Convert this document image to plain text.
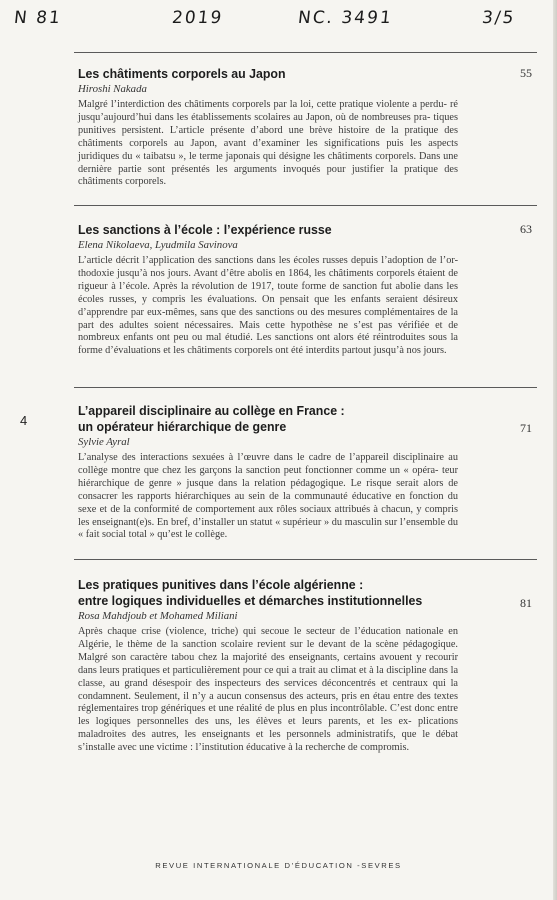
N 81	2019	NC. 3491	3/5
Les châtiments corporels au Japon
Hiroshi Nakada

Malgré l’interdiction des châtiments corporels par la loi, cette pratique violente a perdu- ré jusqu’aujourd’hui dans les établissements scolaires au Japon, où de nombreuses pra- tiques punitives persistent. L’article présente d’abord une brève histoire de la pratique des châtiments corporels au Japon, avant d’examiner les significations puis les aspects juridiques du « taibatsu », le terme japonais qui désigne les châtiments corporels. Dans une dernière partie sont présentés les arguments invoqués pour justifier la pratique des châtiments corporels.

55
Les sanctions à l’école : l’expérience russe
Elena Nikolaeva, Lyudmila Savinova

L’article décrit l’application des sanctions dans les écoles russes depuis l’adoption de l’or- thodoxie jusqu’à nos jours. Avant d’être abolis en 1864, les châtiments corporels étaient de rigueur à l’école. Après la révolution de 1917, toute forme de sanction fut abolie dans les écoles russes, y compris les évaluations. On pensait que les enfants seraient désireux d’apprendre par eux-mêmes, sans que des sanctions ou des mesures complémentaires de la part des adultes soient nécessaires. Mais cette hypothèse ne s’est pas vérifiée et de nombreux enfants ont peu ou mal étudié. Les sanctions ont alors été réintroduites sous la forme d’évaluations et les châtiments corporels ont été interdits partout jusqu’à nos jours.

63
L’appareil disciplinaire au collège en France :
un opérateur hiérarchique de genre
Sylvie Ayral

L’analyse des interactions sexuées à l’œuvre dans le cadre de l’appareil disciplinaire au collège montre que chez les garçons la sanction peut fonctionner comme un « opéra- teur hiérarchique de genre » jusque dans la relation pédagogique. Le risque serait alors de consacrer les rapports hiérarchiques au sein de la communauté éducative en fonction du sexe et de la conformité de comportement aux rôles sociaux attribués à chacun, y compris les enseignant(e)s. En bref, d’installer un statut « supérieur » du masculin sur l’ensemble du « fait social total » qu’est le collège.

71
4
Les pratiques punitives dans l’école algérienne :
entre logiques individuelles et démarches institutionnelles
Rosa Mahdjoub et Mohamed Miliani

Après chaque crise (violence, triche) qui secoue le secteur de l’éducation nationale en Algérie, le thème de la sanction scolaire revient sur le devant de la scène pédagogique. Malgré son caractère tabou chez la majorité des enseignants, certains avouent y recourir dans leurs pratiques et particulièrement pour ce qui a trait au climat et à la discipline dans la classe, au grand désespoir des inspecteurs des services déconcentrés et centraux qui la condamnent. Seulement, il n’y a aucun consensus des acteurs, pris en étau entre des textes réglementaires trop génériques et une réalité de plus en plus incontrôlable. C’est donc entre les logiques personnelles des uns, les élèves et leurs parents, et les ex- plications maladroites des autres, les enseignants et les personnels administratifs, que le débat s’installe avec une victime : l’institution éducative à la recherche de compromis.

81
REVUE INTERNATIONALE D’ÉDUCATION -SEVRES
